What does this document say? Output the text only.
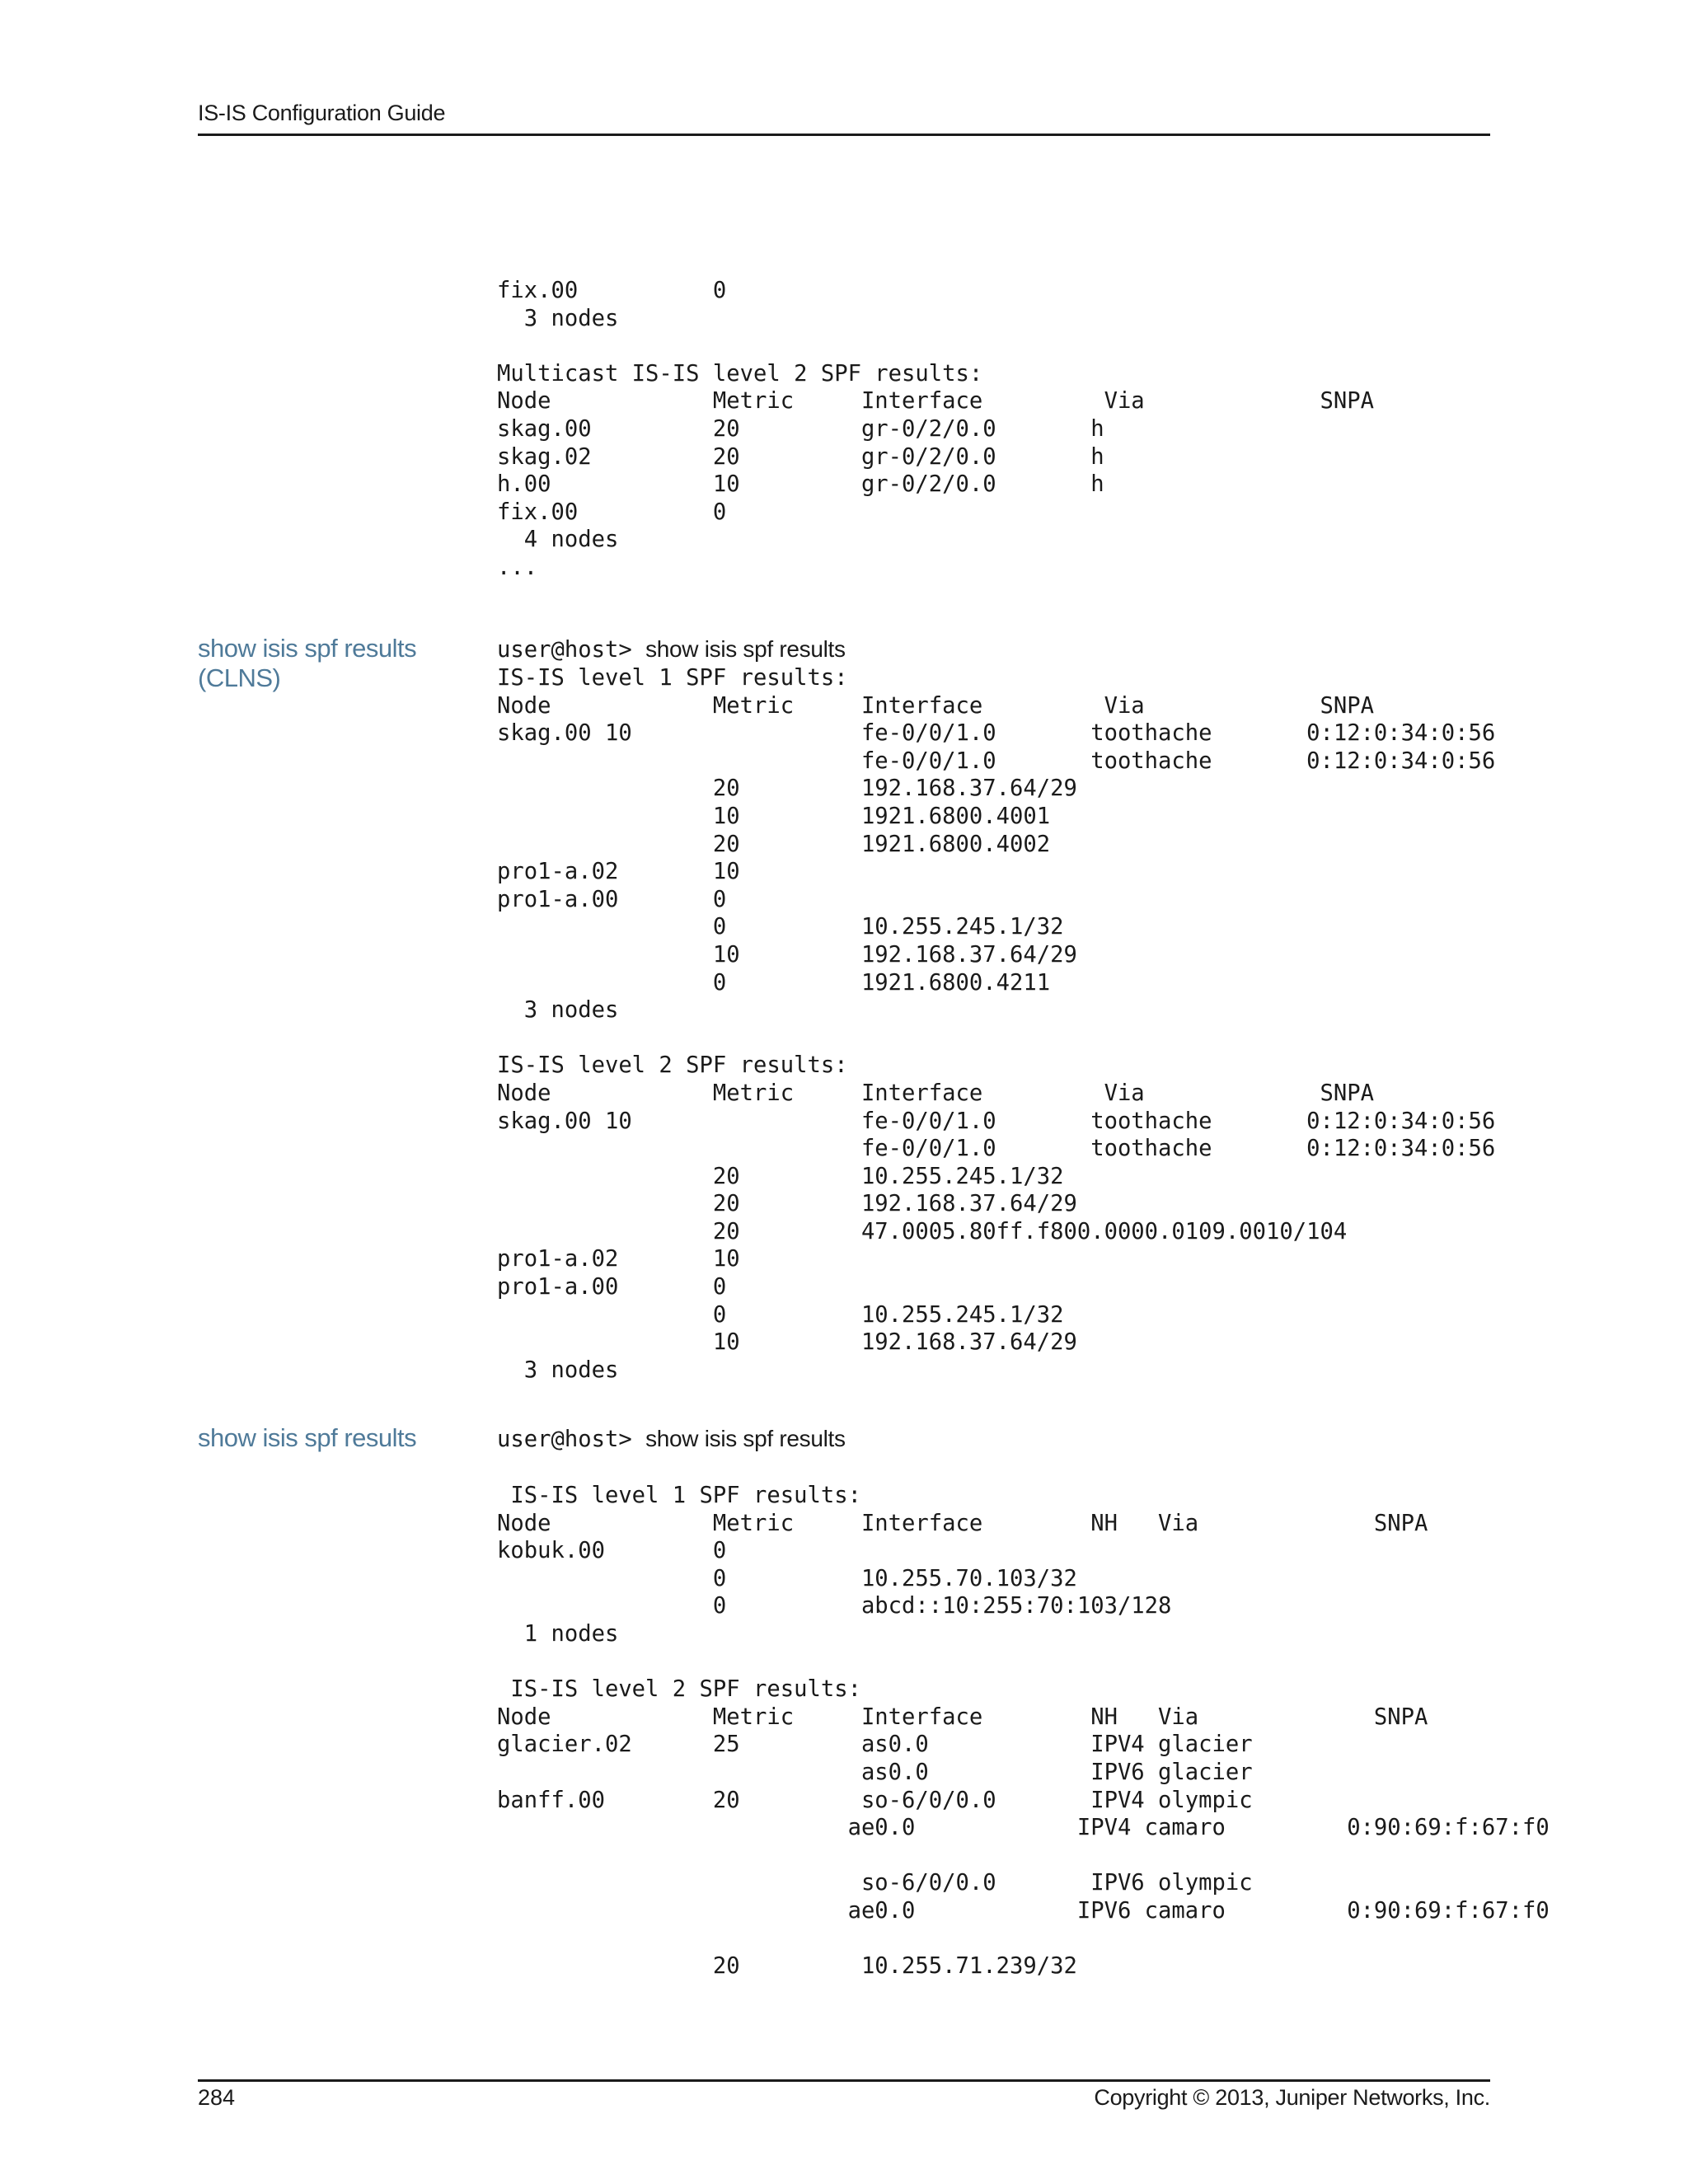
IS-IS Configuration Guide
fix.00          0
3 nodes

Multicast IS-IS level 2 SPF results:
Node            Metric     Interface         Via             SNPA
skag.00         20         gr-0/2/0.0       h
skag.02         20         gr-0/2/0.0       h
h.00            10         gr-0/2/0.0       h
fix.00          0
4 nodes
...
show isis spf results (CLNS)
user@host> show isis spf results
IS-IS level 1 SPF results:
Node            Metric     Interface         Via             SNPA
skag.00 10                 fe-0/0/1.0       toothache       0:12:0:34:0:56
fe-0/0/1.0       toothache       0:12:0:34:0:56
20         192.168.37.64/29
10         1921.6800.4001
20         1921.6800.4002
pro1-a.02       10
pro1-a.00       0
0          10.255.245.1/32
10         192.168.37.64/29
0          1921.6800.4211
3 nodes

IS-IS level 2 SPF results:
Node            Metric     Interface         Via             SNPA
skag.00 10                 fe-0/0/1.0       toothache       0:12:0:34:0:56
fe-0/0/1.0       toothache       0:12:0:34:0:56
20         10.255.245.1/32
20         192.168.37.64/29
20         47.0005.80ff.f800.0000.0109.0010/104
pro1-a.02       10
pro1-a.00       0
0          10.255.245.1/32
10         192.168.37.64/29
3 nodes
show isis spf results	user@host> show isis spf results
IS-IS level 1 SPF results:
Node            Metric     Interface        NH   Via             SNPA
kobuk.00        0
0          10.255.70.103/32
0          abcd::10:255:70:103/128
1 nodes

IS-IS level 2 SPF results:
Node            Metric     Interface        NH   Via             SNPA
glacier.02      25         as0.0            IPV4 glacier
as0.0            IPV6 glacier
banff.00        20         so-6/0/0.0       IPV4 olympic
ae0.0            IPV4 camaro         0:90:69:f:67:f0

so-6/0/0.0       IPV6 olympic
ae0.0            IPV6 camaro         0:90:69:f:67:f0

20         10.255.71.239/32
284	Copyright © 2013, Juniper Networks, Inc.
